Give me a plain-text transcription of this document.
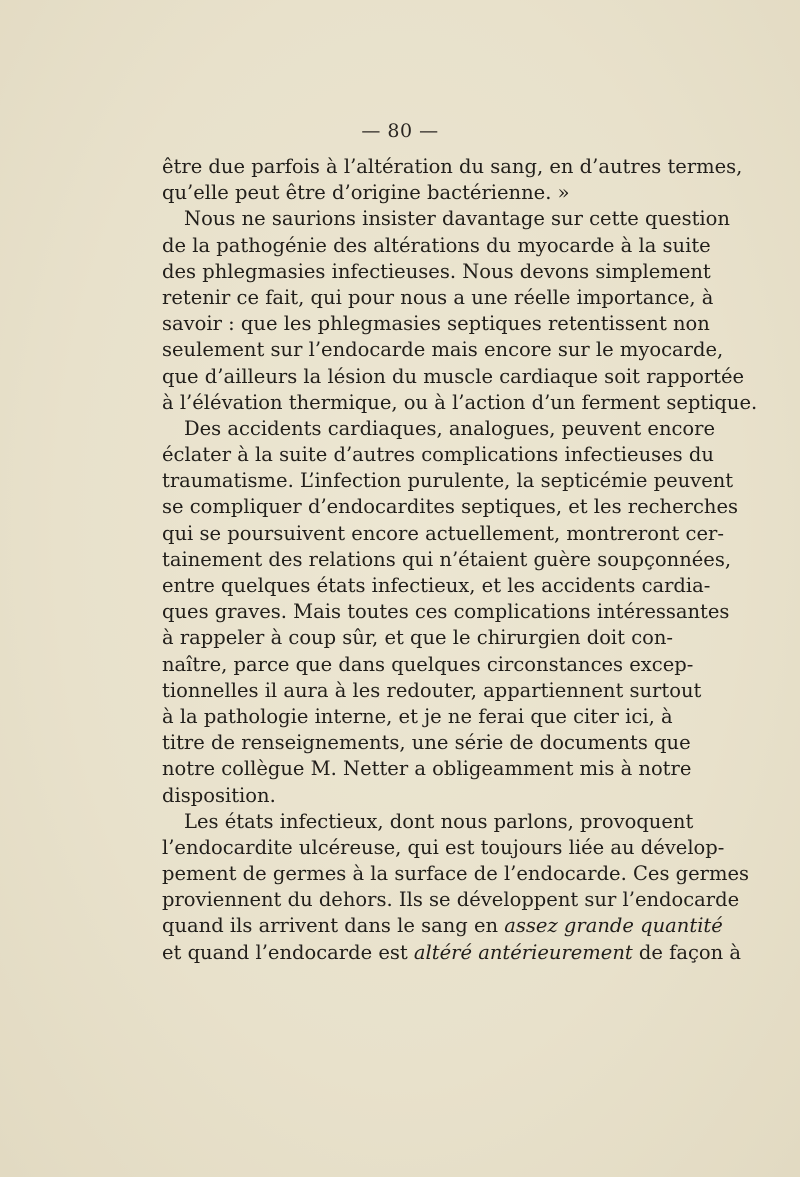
— 80 —
être due parfois à l’altération du sang, en d’autres termes,
qu’elle peut être d’origine bactérienne. »
Nous ne saurions insister davantage sur cette question
de la pathogénie des altérations du myocarde à la suite
des phlegmasies infectieuses. Nous devons simplement
retenir ce fait, qui pour nous a une réelle importance, à
savoir : que les phlegmasies septiques retentissent non
seulement sur l’endocarde mais encore sur le myocarde,
que d’ailleurs la lésion du muscle cardiaque soit rapportée
à l’élévation thermique, ou à l’action d’un ferment septique.
Des accidents cardiaques, analogues, peuvent encore
éclater à la suite d’autres complications infectieuses du
traumatisme. L’infection purulente, la septicémie peuvent
se compliquer d’endocardites septiques, et les recherches
qui se poursuivent encore actuellement, montreront cer-
tainement des relations qui n’étaient guère soupçonnées,
entre quelques états infectieux, et les accidents cardia-
ques graves. Mais toutes ces complications intéressantes
à rappeler à coup sûr, et que le chirurgien doit con-
naître, parce que dans quelques circonstances excep-
tionnelles il aura à les redouter, appartiennent surtout
à la pathologie interne, et je ne ferai que citer ici, à
titre de renseignements, une série de documents que
notre collègue M. Netter a obligeamment mis à notre
disposition.
Les états infectieux, dont nous parlons, provoquent
l’endocardite ulcéreuse, qui est toujours liée au dévelop-
pement de germes à la surface de l’endocarde. Ces germes
proviennent du dehors. Ils se développent sur l’endocarde
quand ils arrivent dans le sang en assez grande quantité
et quand l’endocarde est altéré antérieurement de façon à
